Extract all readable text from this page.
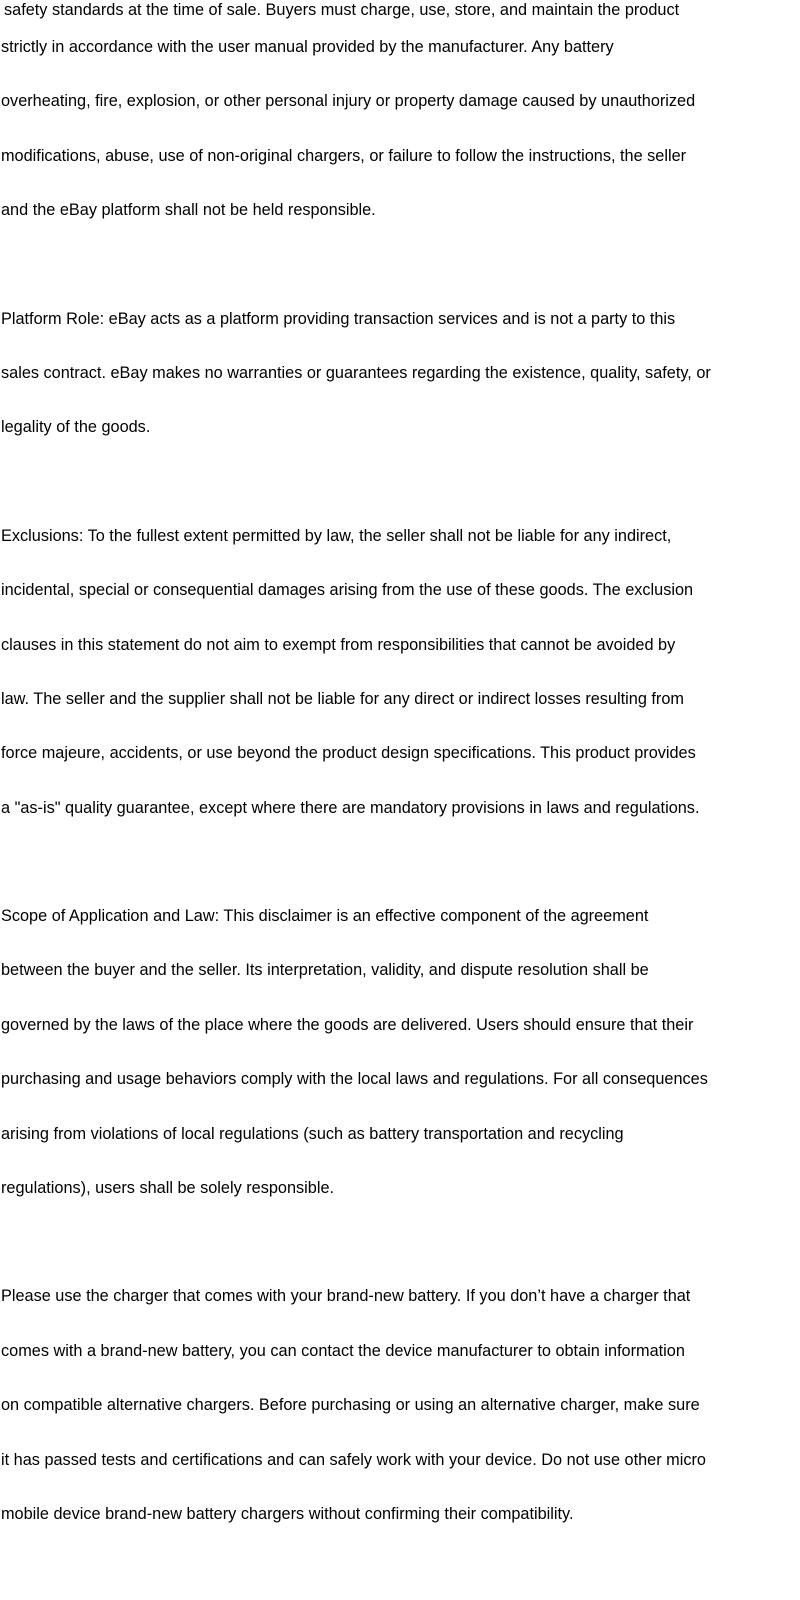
safety standards at the time of sale. Buyers must charge, use, store, and maintain the product
strictly in accordance with the user manual provided by the manufacturer. Any battery
overheating, fire, explosion, or other personal injury or property damage caused by unauthorized
modifications, abuse, use of non-original chargers, or failure to follow the instructions, the seller
and the eBay platform shall not be held responsible.
Platform Role: eBay acts as a platform providing transaction services and is not a party to this
sales contract. eBay makes no warranties or guarantees regarding the existence, quality, safety, or
legality of the goods.
Exclusions: To the fullest extent permitted by law, the seller shall not be liable for any indirect,
incidental, special or consequential damages arising from the use of these goods. The exclusion
clauses in this statement do not aim to exempt from responsibilities that cannot be avoided by
law. The seller and the supplier shall not be liable for any direct or indirect losses resulting from
force majeure, accidents, or use beyond the product design specifications. This product provides
a "as-is" quality guarantee, except where there are mandatory provisions in laws and regulations.
Scope of Application and Law: This disclaimer is an effective component of the agreement
between the buyer and the seller. Its interpretation, validity, and dispute resolution shall be
governed by the laws of the place where the goods are delivered. Users should ensure that their
purchasing and usage behaviors comply with the local laws and regulations. For all consequences
arising from violations of local regulations (such as battery transportation and recycling
regulations), users shall be solely responsible.
Please use the charger that comes with your brand-new battery. If you don’t have a charger that
comes with a brand-new battery, you can contact the device manufacturer to obtain information
on compatible alternative chargers. Before purchasing or using an alternative charger, make sure
it has passed tests and certifications and can safely work with your device. Do not use other micro
mobile device brand-new battery chargers without confirming their compatibility.
